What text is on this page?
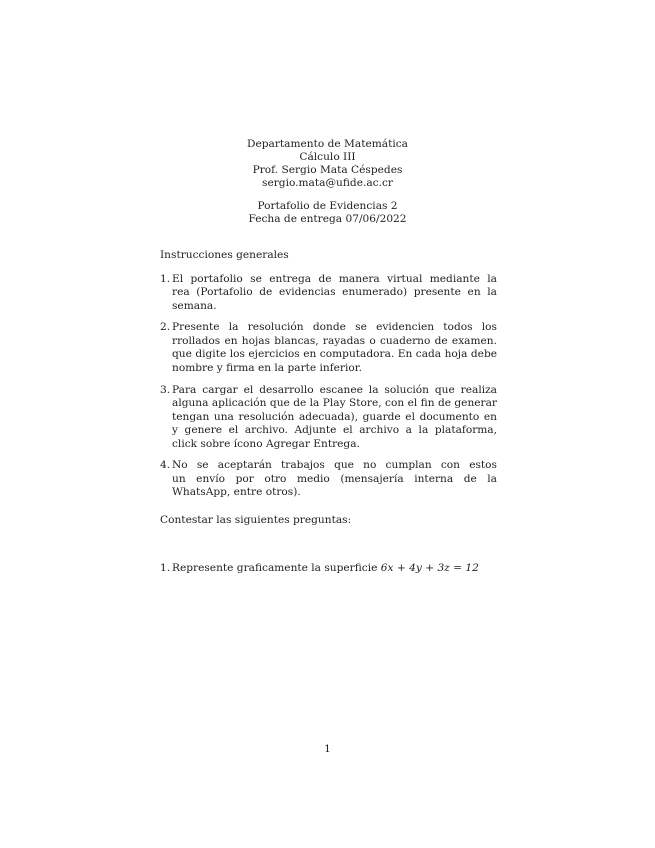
Departamento de Matemática
Cálculo III
Prof. Sergio Mata Céspedes
sergio.mata@ufide.ac.cr
Portafolio de Evidencias 2
Fecha de entrega 07/06/2022
Instrucciones generales
1. El portafolio se entrega de manera virtual mediante la
rea (Portafolio de evidencias enumerado) presente en la
semana.
2. Presente la resolución donde se evidencien todos los
rrollados en hojas blancas, rayadas o cuaderno de examen.
que digite los ejercicios en computadora. En cada hoja debe
nombre y firma en la parte inferior.
3. Para cargar el desarrollo escanee la solución que realiza
alguna aplicación que de la Play Store, con el fin de generar
tengan una resolución adecuada), guarde el documento en
y genere el archivo. Adjunte el archivo a la plataforma,
click sobre ícono Agregar Entrega.
4. No se aceptarán trabajos que no cumplan con estos
un envío por otro medio (mensajería interna de la
WhatsApp, entre otros).
Contestar las siguientes preguntas:
1. Represente graficamente la superficie 6x + 4y + 3z = 12
1
